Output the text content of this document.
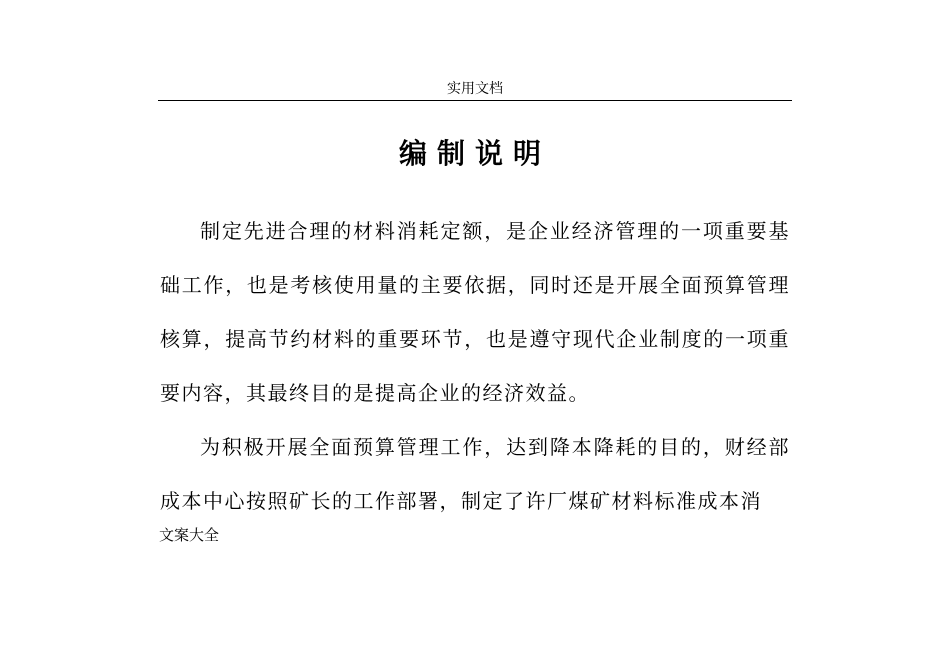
实用文档
编制说明

制定先进合理的材料消耗定额，是企业经济管理的一项重要基础工作，也是考核使用量的主要依据，同时还是开展全面预算管理核算，提高节约材料的重要环节，也是遵守现代企业制度的一项重要内容，其最终目的是提高企业的经济效益。

为积极开展全面预算管理工作，达到降本降耗的目的，财经部成本中心按照矿长的工作部署，制定了许厂煤矿材料标准成本消

文案大全
